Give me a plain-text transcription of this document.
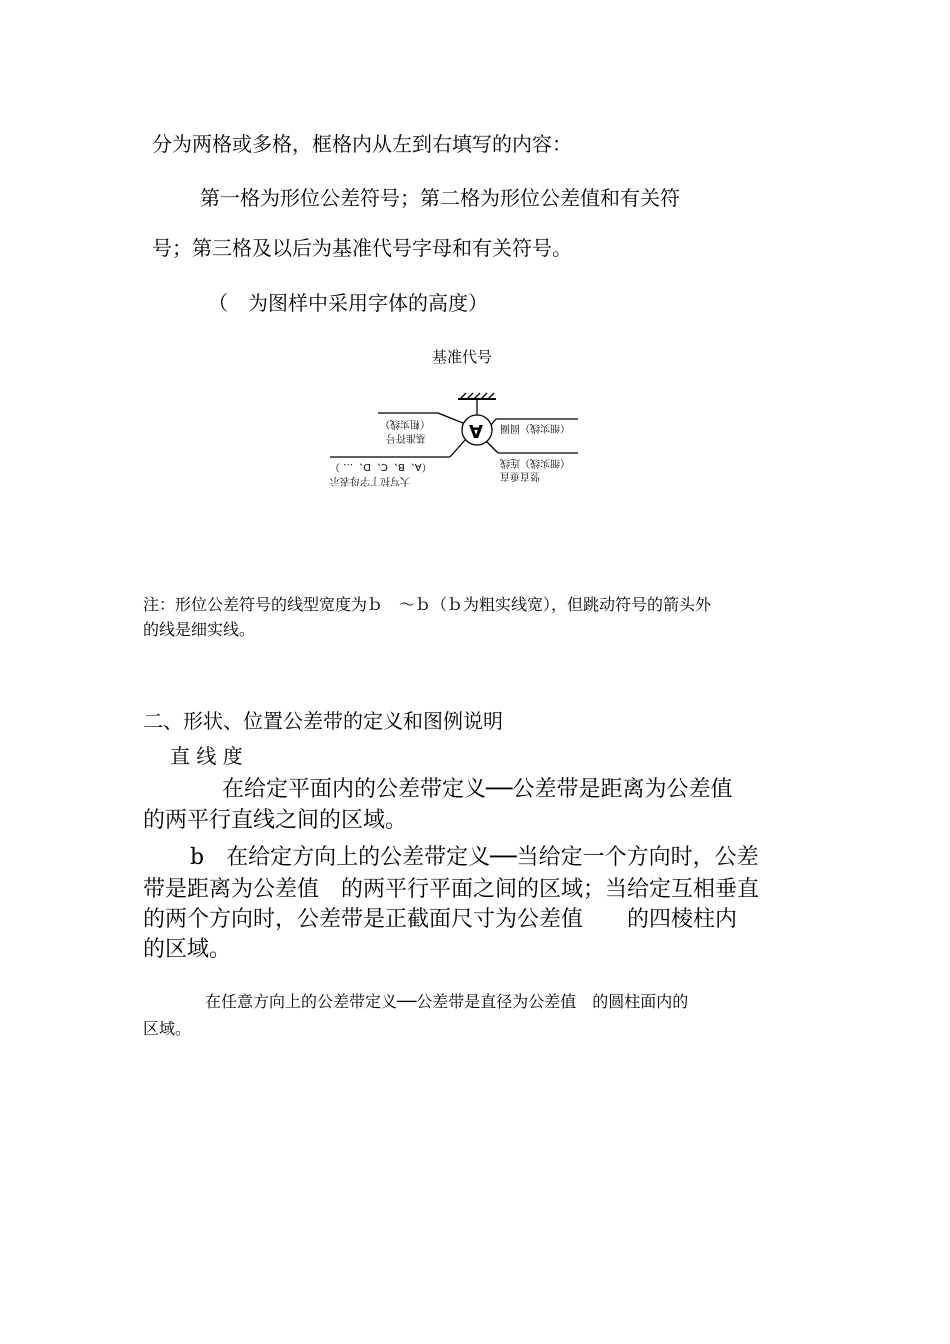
分为两格或多格，框格内从左到右填写的内容：

第一格为形位公差符号；第二格为形位公差值和有关符

号；第三格及以后为基准代号字母和有关符号。

（　为图样中采用字体的高度）

基准代号

A
（粗实线）
基准符号
（A、B、C、D、… ）
大写拉丁字母表示
（细实线）圆圈
（细实线）连线
竖直垂直

注：形位公差符号的线型宽度为ｂ　～ｂ（ｂ为粗实线宽），但跳动符号的箭头外

的线是细实线。

二、形状、位置公差带的定义和图例说明

直 线 度

在给定平面内的公差带定义──公差带是距离为公差值

的两平行直线之间的区域。

b　在给定方向上的公差带定义──当给定一个方向时，公差

带是距离为公差值　的两平行平面之间的区域；当给定互相垂直

的两个方向时，公差带是正截面尺寸为公差值　　的四棱柱内

的区域。

在任意方向上的公差带定义──公差带是直径为公差值　的圆柱面内的

区域。
